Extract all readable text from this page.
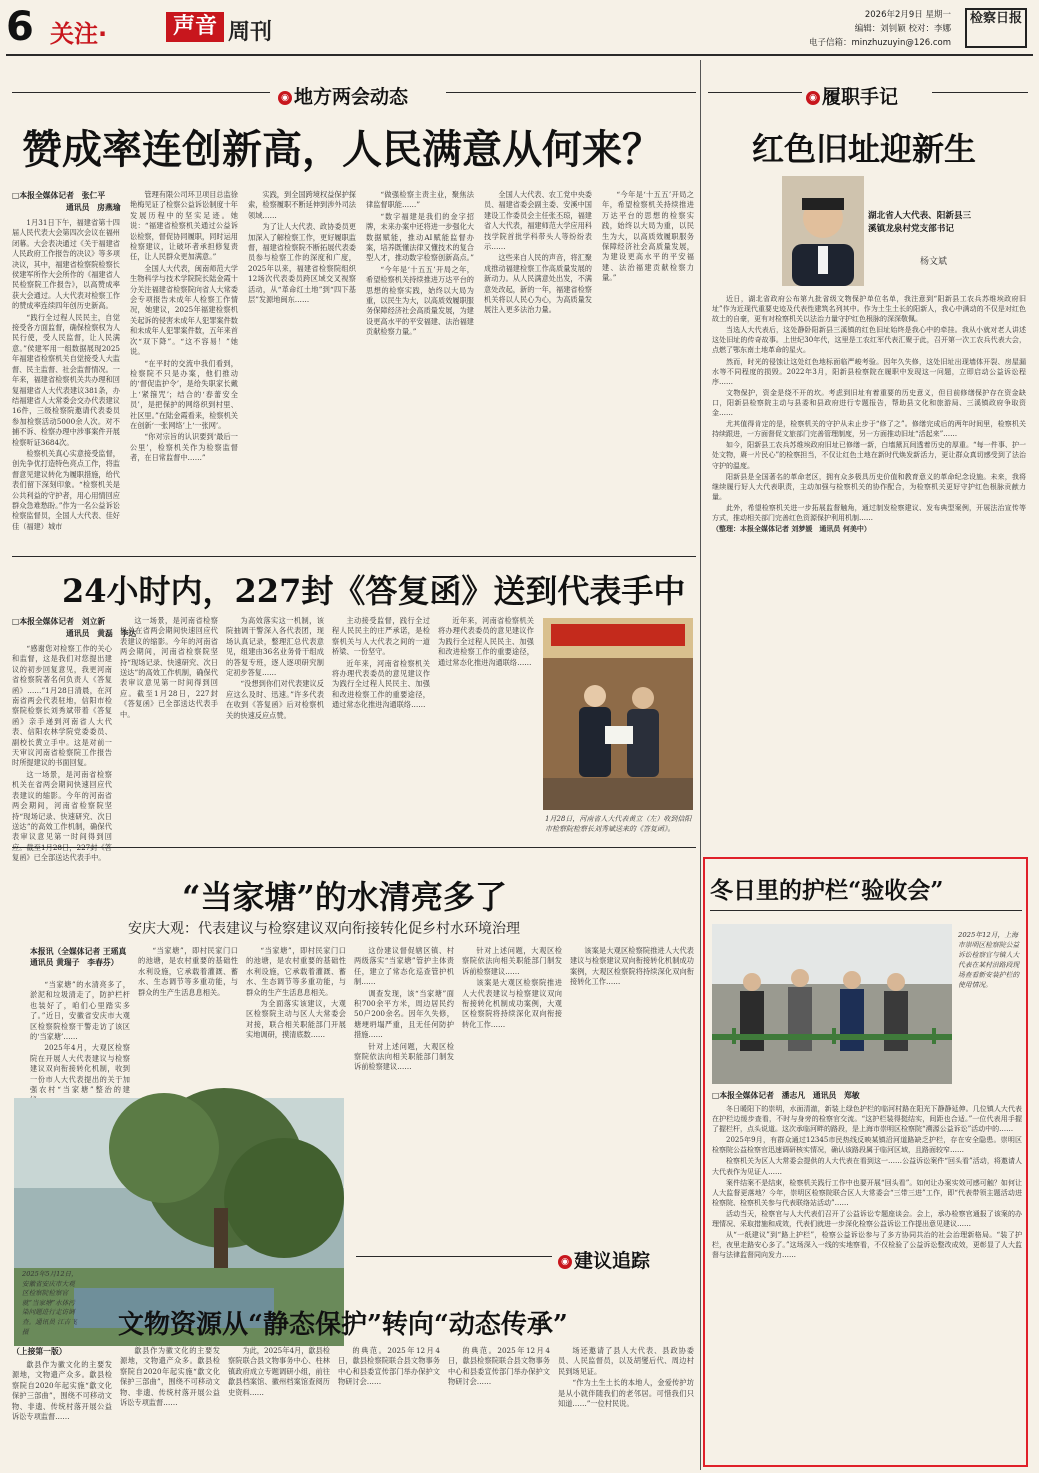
6 关注·	声音 周刊
2026年2月9日 星期一
编辑：刘钊颖 校对：李娜
电子信箱：minzhuzuyin@126.com
检察日报
◉ 地方两会动态
赞成率连创新高，人民满意从何来？
□本报全媒体记者　张仁平
通讯员　房燕瑜

1月31日下午，福建省第十四届人民代表大会第四次会议在福州闭幕。大会表决通过《关于福建省人民政府工作报告的决议》等多项决议，其中，福建省检察院检察长侯建军所作大会所作的《福建省人民检察院工作报告》，以高赞成率获大会通过。人大代表对检察工作的赞成率连续四年创历史新高。

“践行全过程人民民主，自觉接受各方面监督，确保检察权为人民行使，受人民监督，让人民满意。”侯建军用一组数据展现2025年福建省检察机关自觉接受人大监督、民主监督、社会监督情况。一年来，福建省检察机关共办理和回复福建省人大代表建议381条，办结福建省人大常委会交办代表建议16件，三级检察院邀请代表委员参加检察活动5000余人次。对不捕不诉、检察办理中涉事案件开展检察听证3684次。

检察机关真心实意接受监督，创先争优打造特色亮点工作，将监督意见建议转化为履职措施，给代表们留下深刻印象。“检察机关是公共利益的守护者，用心用情回应群众急难愁盼。”作为一名公益诉讼检察监督员，全国人大代表、佳好佳（福建）城市

管理有限公司环卫项目总监徐艳梅见证了检察公益诉讼制度十年发展历程中的坚实足迹。她说：“福建省检察机关通过公益诉讼检察，督促协同履职，同时运用检察建议，让破坏者承担修复责任，让人民群众更加满意。”

全国人大代表，闽南师范大学生物科学与技术学院院长陆金霞十分关注福建省检察院向省人大常委会专项报告未成年人检察工作情况，她建议，2025年福建检察机关起诉的侵害未成年人犯罪案件数和未成年人犯罪案件数，五年来首次“双下降”。“这不容易！”她说。

“在平时的交流中我们看到，检察院不只是办案，他们推动的‘督促监护令’，是给失职家长戴上‘紧箍咒’；结合的‘春蕾安全员’，是把保护的网络织到村里、社区里。”在陆金霞看来，检察机关在创新‘一张网络’上‘一张网’。

“你对宗旨的认识要到‘最后一公里’，检察机关作为检察监督者，在日常监督中……”

实践，到全国跨境权益保护探索，检察履职不断延伸到涉外司法领域……

为了让人大代表、政协委员更加深入了解检察工作，更好履职监督，福建省检察院不断拓展代表委员参与检察工作的深度和广度，2025年以来，福建省检察院组织12场次代表委员跨区域交叉视察活动，从“革命红土地”到“四下基层”发源地闽东……

“做强检察主责主业，聚焦法律监督职能……”

“数字福建是我们的金字招牌，未来办案中还将进一步强化大数据赋能，推动AI赋能监督办案，培养既懂法律又懂技术的复合型人才，推动数字检察创新高点。”

“今年是‘十五五’开局之年，希望检察机关持续推进万达平台的思想的检察实践，始终以大局为重，以民生为大，以高质效履职服务保障经济社会高质量发展，为建设更高水平的平安福建、法治福建贡献检察力量。”

全国人大代表、农工党中央委员、福建省委会副主委、安溪中国建设工作委员会主任张丕琼，福建省人大代表，福建师范大学应用科技学院首批学科带头人等纷纷表示……

这些来自人民的声音，将汇聚成推动福建检察工作高质量发展的新动力。从人民满意处出发，不满意处改起，新的一年，福建省检察机关将以人民心为心，为高质量发展注入更多法治力量。

“今年是‘十五五’开局之年，希望检察机关持续推进万达平台的思想的检察实践，始终以大局为重，以民生为大，以高质效履职服务保障经济社会高质量发展，为建设更高水平的平安福建、法治福建贡献检察力量。”

24小时内，227封《答复函》送到代表手中
□本报全媒体记者　刘立新
通讯员　黄磊　李达

“感谢您对检察工作的关心和监督，这是我们对您提出建议的初步回复意见，我更河南省检察院著名何负责人《答复函》……”1月28日清晨，在河南省两会代表驻地，信阳市检察院检察长刘秀斌带着《答复函》亲手递到河南省人大代表、信阳农林学院党委委员、副校长黄立手中。这是对前一天审议河南省检察院工作报告时所提建议的书面回复。

这一场景，是河南省检察机关在省两会期间快速回应代表建议的缩影。今年的河南省两会期间，河南省检察院坚持“现场记录、快速研究、次日送达”的高效工作机制，确保代表审议意见第一时间得到回 复函》已全部送达代表手中。

这一场景，是河南省检察机关在省两会期间快速回应代表建议的缩影。今年的河南省两会期间，河南省检察院坚持“现场记录、快速研究、次日送达”的高效工作机制，确保代表审议意见第一时间得到回应。截至1月28日，227封《答复函》已全部送达代表手中。

为高效落实这一机制，该院抽调干警深入各代表团，现场认真记录，整理汇总代表意见，组建由36名业务骨干组成的答复专班，逐人逐项研究制定初步答复……

“没想到你们对代表建议反应这么及时、迅速。”许多代表在收到《答复函》后对检察机关的快速反应点赞。

主动接受监督，践行全过程人民民主的庄严承诺，是检察机关与人大代表之间的一道桥梁、一份坚守。

近年来，河南省检察机关将办理代表委员的意见建议作为践行全过程人民民主、加强和改进检察工作的重要途径，通过常态化推进沟通联络……

近年来，河南省检察机关将办理代表委员的意见建议作为践行全过程人民民主、加强和改进检察工作的重要途径，通过常态化推进沟通联络……

1月28日，河南省人大代表黄立（左）收到信阳市检察院检察长刘秀斌送来的《答复函》。
“当家塘”的水清亮多了
安庆大观：代表建议与检察建议双向衔接转化促乡村水环境治理
本报讯（全媒体记者 王瑶真　通讯员 黄瑞子　李春芬）

“当家塘”的水清亮多了，淤泥和垃圾清走了，防护栏杆也装好了，咱们心里踏实多了。”近日，安徽省安庆市大观区检察院检察干警走访了该区的‘当家塘’……

2025年4月，大观区检察院在开展人大代表建议与检察建议双向衔接转化机制，收到一份市人大代表提出的关于加强农村“当家塘”整治的建

“当家塘”，即村民家门口的池塘，是农村重要的基础性水利设施，它承载着灌溉、蓄水、生态调节等多重功能，与群众的生产生活息息相关。

“当家塘”，即村民家门口的池塘，是农村重要的基础性水利设施，它承载着灌溉、蓄水、生态调节等多重功能，与群众的生产生活息息相关。

为全面落实该建议，大观区检察院主动与区人大常委会对接，联合相关职能部门开展实地调研，摸清底数……

这份建议督促辖区镇、村两级落实“当家塘”管护主体责任，建立了常态化巡查管护机制……

调查发现，该“当家塘”面积700余平方米，周边居民约50户200余名。因年久失修，塘埂坍塌严重，且无任何防护措施……

针对上述问题，大观区检察院依法向相关职能部门制发诉前检察建议……

针对上述问题，大观区检察院依法向相关职能部门制发诉前检察建议……

该案是大观区检察院推进人大代表建议与检察建议双向衔接转化机制成功案例，大观区检察院将持续深化双向衔接转化工作……

该案是大观区检察院推进人大代表建议与检察建议双向衔接转化机制成功案例，大观区检察院将持续深化双向衔接转化工作……

2025年5月12日，安徽省安庆市大观区检察院检察官就“当家塘”水体污染问题进行走访调查。通讯员 江吉飞摄
◉ 建议追踪
文物资源从“静态保护”转向“动态传承”
（上接第一版）

歙县作为徽文化的主要发源地，文物遗产众多。歙县检察院自2020年起实施“歙文化保护三部曲”，围绕不可移动文物、非遗、传统村落开展公益诉讼专项监督……

歙县作为徽文化的主要发源地，文物遗产众多。歙县检察院自2020年起实施“歙文化保护三部曲”，围绕不可移动文物、非遗、传统村落开展公益诉讼专项监督……

为此，2025年4月，歙县检察院联合县文物事务中心、柱林镇政府成立专题调研小组，前往歙县档案馆、徽州档案馆查阅历史资料……

的典范。2025年12月4日，歙县检察院联合县文物事务中心和县委宣传部门举办保护文物研讨会……

的典范。2025年12月4日，歙县检察院联合县文物事务中心和县委宣传部门举办保护文物研讨会……

场还邀请了县人大代表、县政协委员、人民监督员，以及胡燮后代、周边村民到场见证。

“作为土生土长的本地人，金爱传护坊是从小就伴随我们的老邻居。可惜我们只知道……”一位村民说。

◉ 履职手记
红色旧址迎新生
湖北省人大代表、阳新县三溪镇龙泉村党支部书记
杨文斌

近日，湖北省政府公布第九批省级文物保护单位名单，我注意到“阳新县工农兵苏维埃政府旧址”作为近现代重要史迹及代表性建筑名列其中。作为土生土长的阳新人，我心中满动的不仅是对红色故土的自豪，更有对检察机关以法治力量守护红色根脉的深深敬佩。

当选人大代表后，这处静卧阳新县三溪镇的红色旧址始终是我心中的牵挂。我从小就对老人讲述这处旧址的传奇故事。上世纪30年代，这里是工农红军代表汇聚于此，召开第一次工农兵代表大会，点燃了鄂东南土地革命的星火。

然而，时光的侵蚀让这处红色地标面临严峻考验。因年久失修，这处旧址出现墙体开裂、房屋漏水等不同程度的损毁。2022年3月，阳新县检察院在履职中发现这一问题，立即启动公益诉讼程序……

文物保护，资金是绕不开的坎。考虑到旧址有着重要的历史意义，但目前修缮保护存在资金缺口，阳新县检察院主动与县委和县政府进行专题报告，帮助县文化和旅游局、三溪镇政府争取资金……

尤其值得肯定的是，检察机关的守护从未止步于“修了之”。修缮完成后的两年时间里，检察机关持续跟进，一方面督促文旅部门完善管理制度，另一方面推动旧址“活起来”……

如今，阳新县工农兵苏维埃政府旧址已修缮一新，白墙黛瓦间透着历史的厚重。“每一件事、护一处文物，赓一片民心”的检察担当，不仅让红色土地在新时代焕发新活力，更让群众真切感受到了法治守护的温度。

阳新县是全国著名的革命老区，拥有众多极具历史价值和教育意义的革命纪念设施。未来，我将继续履行好人大代表职责，主动加强与检察机关的协作配合，为检察机关更好守护红色根脉贡献力量。

此外，希望检察机关进一步拓展监督触角，通过制发检察建议、发布典型案例，开展法治宣传等方式，推动相关部门完善红色资源保护利用机制……

（整理：本报全媒体记者 刘梦媛　通讯员 何美中）

冬日里的护栏“验收会”
2025年12月，上海市崇明区检察院公益诉讼检察官与镇人大代表在某村沿路段现场查看新安装护栏的使用情况。
□本报全媒体记者　潘志凡　通讯员　郑敏

冬日暖阳下的崇明，水面清澈，新装上绿色护栏的临河村路在阳光下静静延伸。几位镇人大代表在护栏边缓步查看，不时与身旁的检察官交流。“这护栏装得挺结实，间距也合适。”一位代表用手握了握栏杆，点头说道。这次承临河畔的路段，是上海市崇明区检察院“溯源公益诉讼”活动中的……

2025年9月，有群众通过12345市民热线反映某镇沿河道路缺乏护栏，存在安全隐患。崇明区检察院公益检察官迅速调研核实情况，确认该路段属于临河区域，且路面较窄……

检察机关为区人大常委会提供的人大代表在看到这一……公益诉讼案件“回头看”活动，将邀请人大代表作为见证人……

案件结案不是结束，检察机关践行工作中也要开展“回头看”。如何让办案实效可感可触？如何让人大监督更落地？今年，崇明区检察院联合区人大常委会“三带三进”工作，即“代表带领主题活动进检察院、检察机关参与代表联络站活动”……

活动当天，检察官与人大代表们召开了公益诉讼专题座谈会。会上，承办检察官通报了该案的办理情况、采取措施和成效，代表们就进一步深化检察公益诉讼工作提出意见建议……

从“一纸建议”到“路上护栏”，检察公益诉讼参与了多方协同共治的社会治理新格局。“装了护栏，夜里走路安心多了。”这场深入一线的实地察看，不仅检验了公益诉讼整改成效，更彰显了人大监督与法律监督同向发力……
